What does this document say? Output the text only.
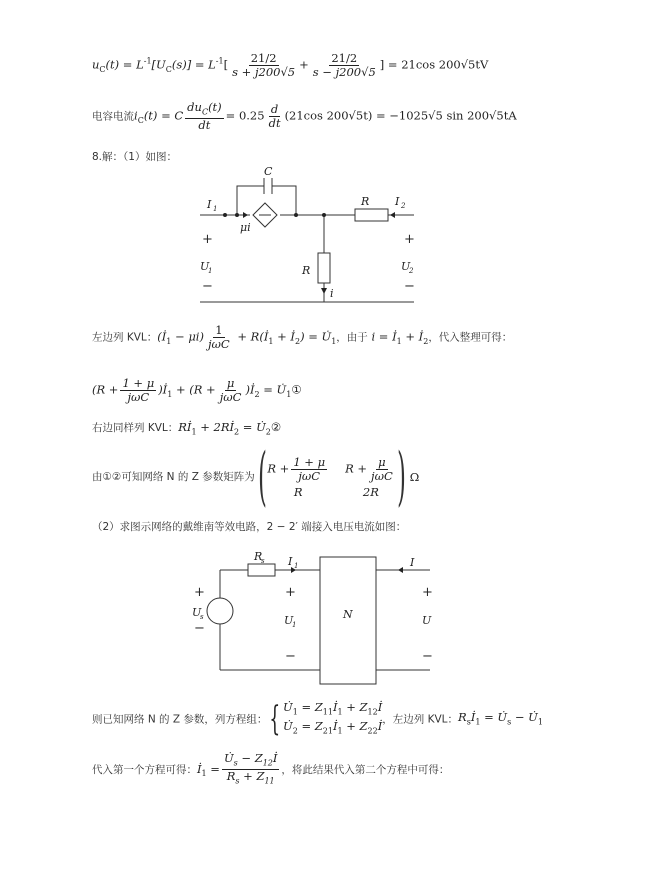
$u_C(t) = L^{-1}[U_C(s)] = L^{-1}[ \frac{21/2}{s + j200√5} + \frac{21/2}{s - j200√5}$ ] = 21cos 200√5tV
电容电流$i_C(t) = C \frac{du_C(t)}{dt} = 0.25 \frac{d}{dt} (21\cos$ 200√5t) = −1025√5 sin 200√5tA
8.解：（1）如图：
C
I 1
μi
R I 2
R
i
+
−
+
−
U
1	U
2
R
s I 1
U
s	U
1
N
I
U
+
−
+
−
+
−
左边列 KVL：$(İ_1 - \mu i) \frac{1}{\text{jωC}}$ + $R(İ_1$ + $İ_2$) = $U̇_1$，由于 $i = İ_1$ + $İ_2$，代入整理可得：
($R + \frac{1 + \mu}{\text{jωC}}$ )$İ_1 + (R + \frac{\mu}{\text{jωC}}$ )$İ_2$ = $U̇_1①$
右边同样列 KVL：$Rİ_1$ + $2Rİ_2$ = $U̇_2②$
由①②可知网络 N 的 Z 参数矩阵为 ( $R + \frac{1 + \mu}{\text{jωC}}$ $R + \frac{\mu}{\text{jωC}}$
R	2R ) Ω
（2）求图示网络的戴维南等效电路，2 − 2′ 端接入电压电流如图：
则已知网络 N 的 Z 参数，列方程组：{ $U̇_1$ = $Z_{11}İ_1$ + $Z_{12}İ$
$U̇_2$ = $Z_{21}İ_1$ + $Z_{22}İ$ ，左边列 KVL：$R_sİ_1$ = $U̇_s$ − $U̇_1$
代入第一个方程可得：$İ_1 = \frac{U̇_s - Z_{12}İ}{R_s + Z_{11}}$ ，将此结果代入第二个方程中可得：
